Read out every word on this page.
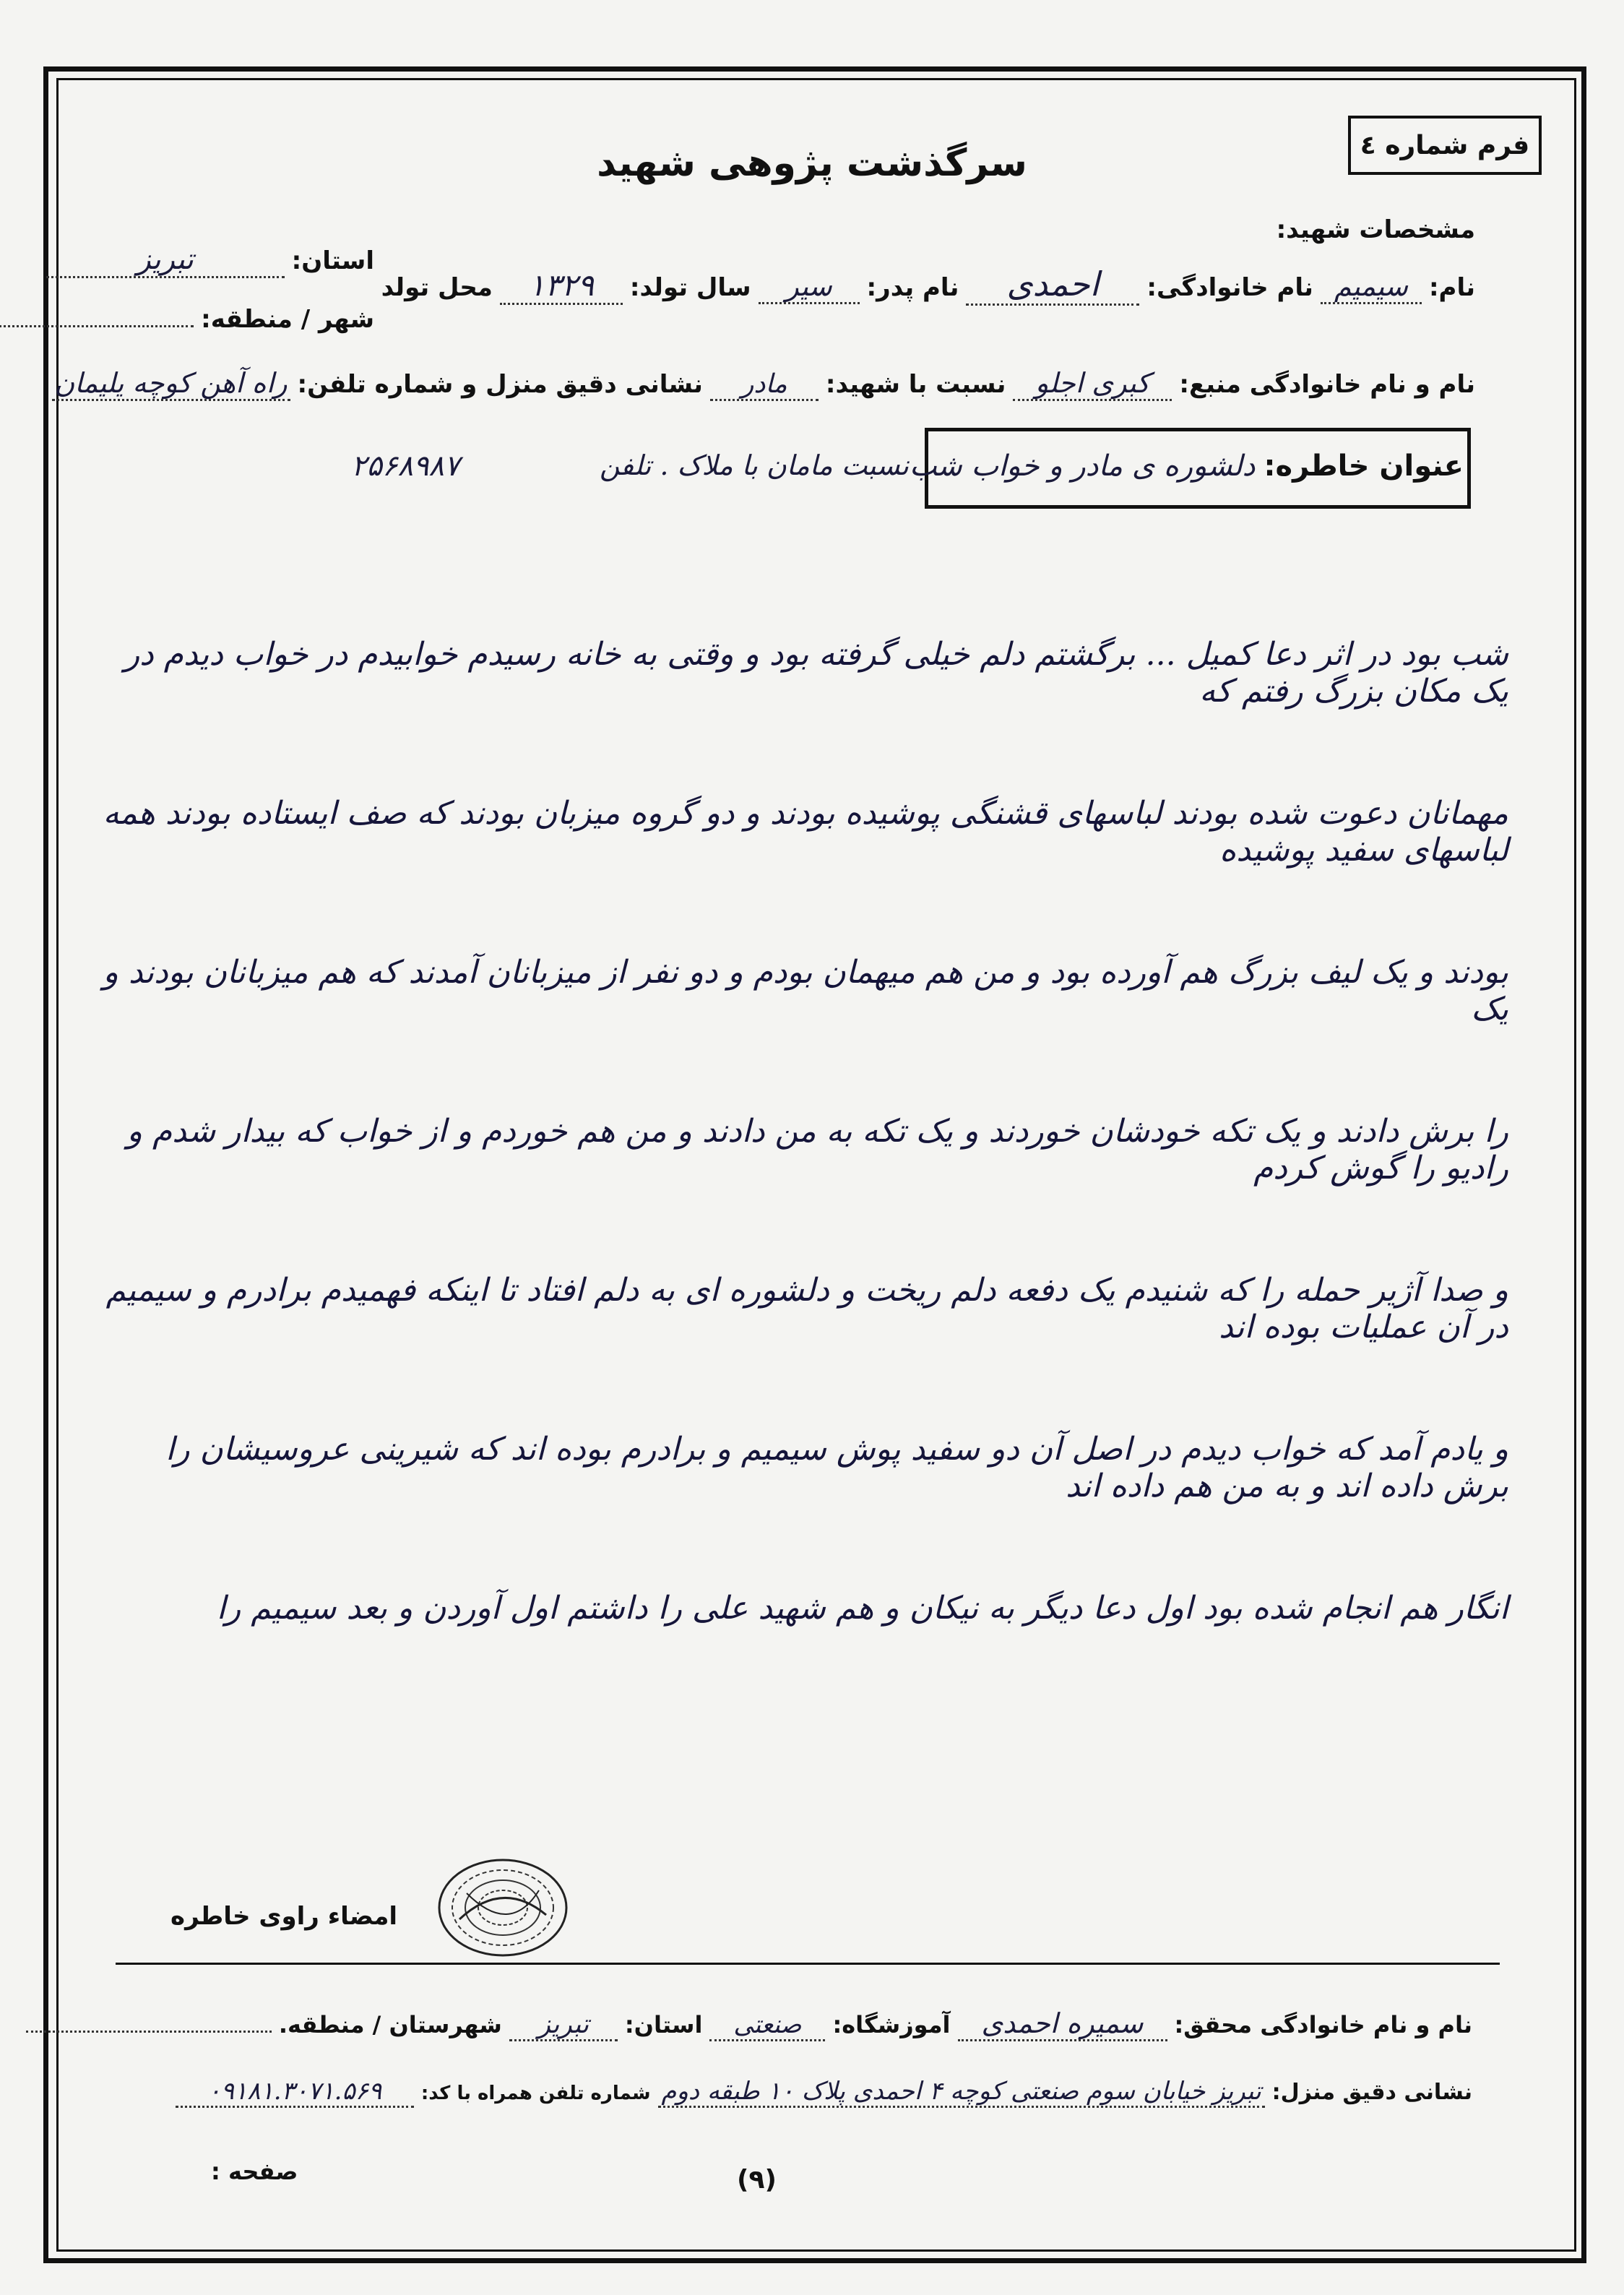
فرم شماره ٤
سرگذشت پژوهی شهید
مشخصات شهید:
نام:
سیمیم
نام خانوادگی:
احمدی
نام پدر:
سیر
سال تولد:
۱۳۲۹
محل تولد
استان:
تبریز
شهر / منطقه:
نام و نام خانوادگی منبع:
کبری اجلو
نسبت با شهید:
مادر
نشانی دقیق منزل و شماره تلفن:
راه آهن کوچه یلیمان
عنوان خاطره:
دلشوره ی مادر و خواب شب
نسبت مامان با ملاک . تلفن
۲۵۶۸۹۸۷
شب بود در اثر دعا کمیل ... برگشتم دلم خیلی گرفته بود و وقتی به خانه رسیدم خوابیدم در خواب دیدم در یک مکان بزرگ رفتم که
مهمانان دعوت شده بودند لباسهای قشنگی پوشیده بودند و دو گروه میزبان بودند که صف ایستاده بودند همه لباسهای سفید پوشیده
بودند و یک لیف بزرگ هم آورده بود و من هم میهمان بودم و دو نفر از میزبانان آمدند که هم میزبانان بودند و یک
را برش دادند و یک تکه خودشان خوردند و یک تکه به من دادند و من هم خوردم و از خواب که بیدار شدم و رادیو را گوش کردم
و صدا آژیر حمله را که شنیدم یک دفعه دلم ریخت و دلشوره ای به دلم افتاد تا اینکه فهمیدم برادرم و سیمیم در آن عملیات بوده اند
و یادم آمد که خواب دیدم در اصل آن دو سفید پوش سیمیم و برادرم بوده اند که شیرینی عروسیشان را برش داده اند و به من هم داده اند
انگار هم انجام شده بود اول دعا دیگر به نیکان و هم شهید علی را داشتم اول آوردن و بعد سیمیم را
امضاء راوی خاطره
نام و نام خانوادگی محقق:
سمیره احمدی
آموزشگاه:
صنعتی
استان:
تبریز
شهرستان / منطقه.
نشانی دقیق منزل:
تبریز خیابان سوم صنعتی کوچه ۴ احمدی پلاک ۱۰ طبقه دوم
شماره تلفن همراه با کد:
۰۹۱۸۱.۳۰۷۱.۵۶۹
صفحه :	(۹)
